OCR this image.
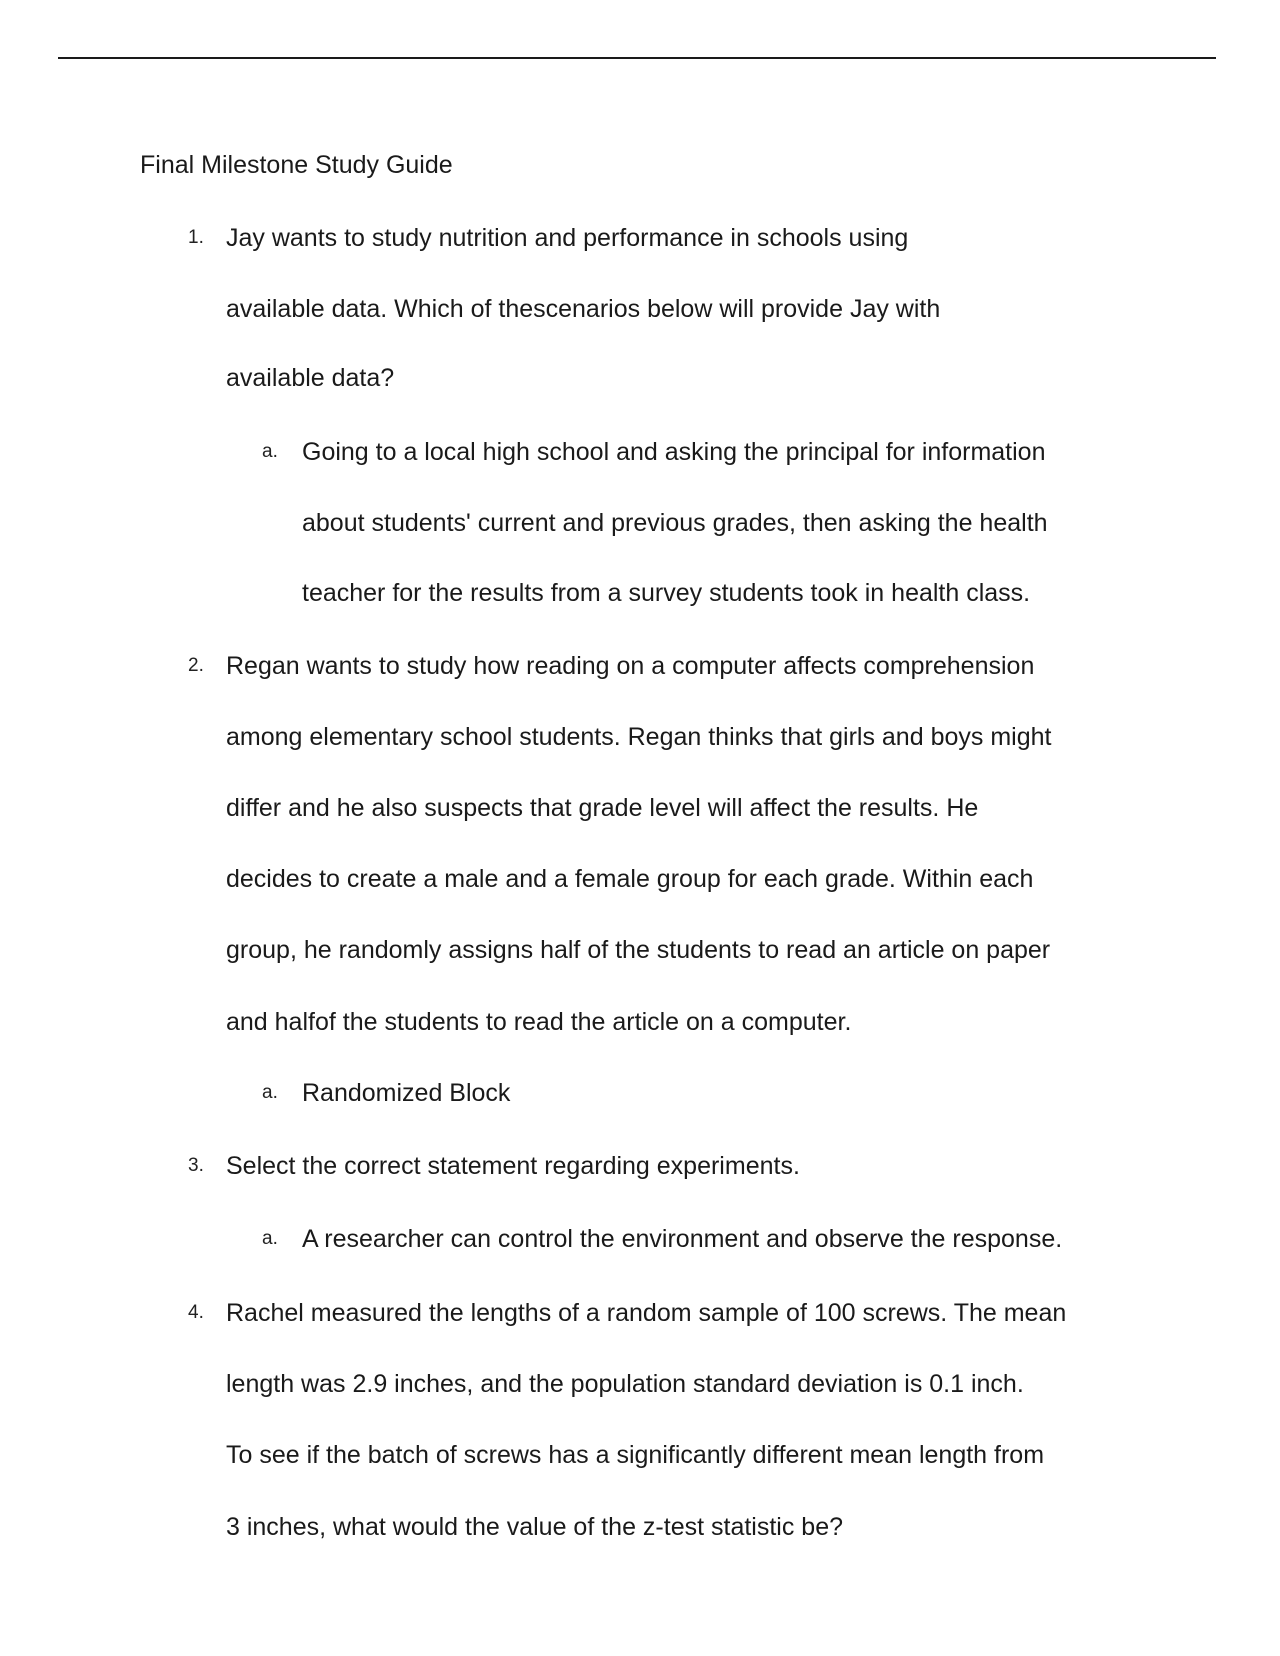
Final Milestone Study Guide
1. Jay wants to study nutrition and performance in schools using
available data. Which of thescenarios below will provide Jay with
available data?
a. Going to a local high school and asking the principal for information
about students' current and previous grades, then asking the health
teacher for the results from a survey students took in health class.
2. Regan wants to study how reading on a computer affects comprehension
among elementary school students. Regan thinks that girls and boys might
differ and he also suspects that grade level will affect the results. He
decides to create a male and a female group for each grade. Within each
group, he randomly assigns half of the students to read an article on paper
and halfof the students to read the article on a computer.
a. Randomized Block
3. Select the correct statement regarding experiments.
a. A researcher can control the environment and observe the response.
4. Rachel measured the lengths of a random sample of 100 screws. The mean
length was 2.9 inches, and the population standard deviation is 0.1 inch.
To see if the batch of screws has a significantly different mean length from
3 inches, what would the value of the z-test statistic be?
